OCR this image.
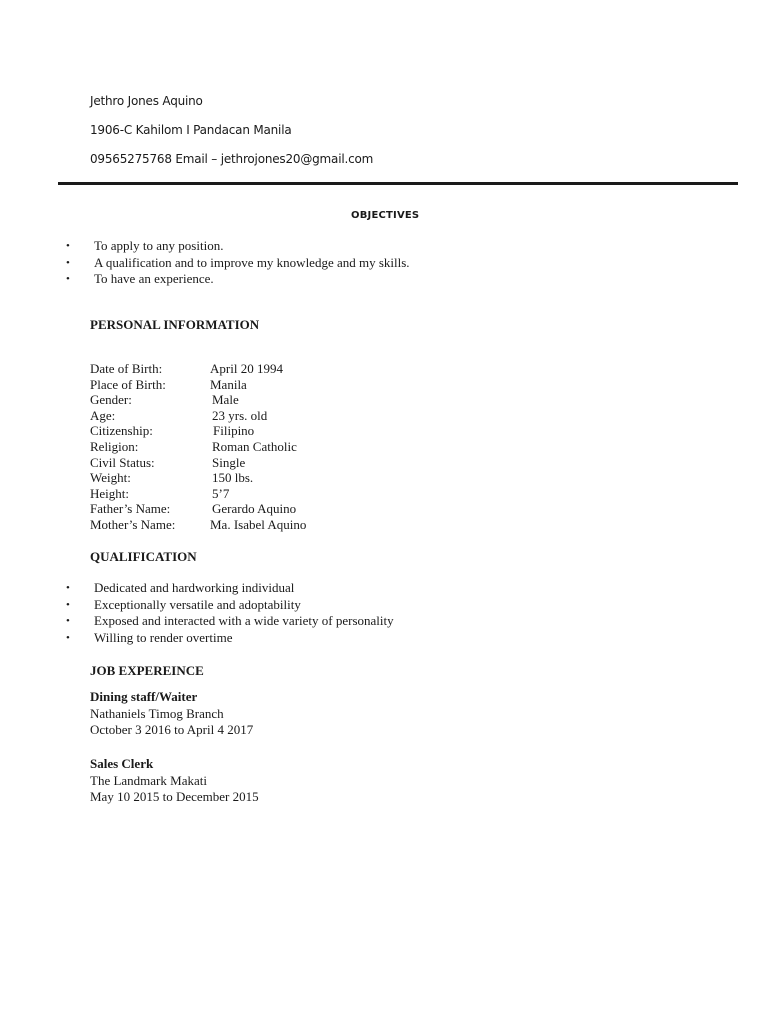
Jethro Jones Aquino
1906-C Kahilom I Pandacan Manila
09565275768 Email – jethrojones20@gmail.com
OBJECTIVES
• To apply to any position.
• A qualification and to improve my knowledge and my skills.
• To have an experience.
PERSONAL INFORMATION
Date of Birth:	April 20 1994
Place of Birth:	Manila
Gender:	Male
Age:	23 yrs. old
Citizenship:	Filipino
Religion:	Roman Catholic
Civil Status:	Single
Weight:	150 lbs.
Height:	5’7
Father’s Name:	Gerardo Aquino
Mother’s Name:	Ma. Isabel Aquino
QUALIFICATION
• Dedicated and hardworking individual
• Exceptionally versatile and adoptability
• Exposed and interacted with a wide variety of personality
• Willing to render overtime
JOB EXPEREINCE
Dining staff/Waiter
Nathaniels Timog Branch
October 3 2016 to April 4 2017
Sales Clerk
The Landmark Makati
May 10 2015 to December 2015
